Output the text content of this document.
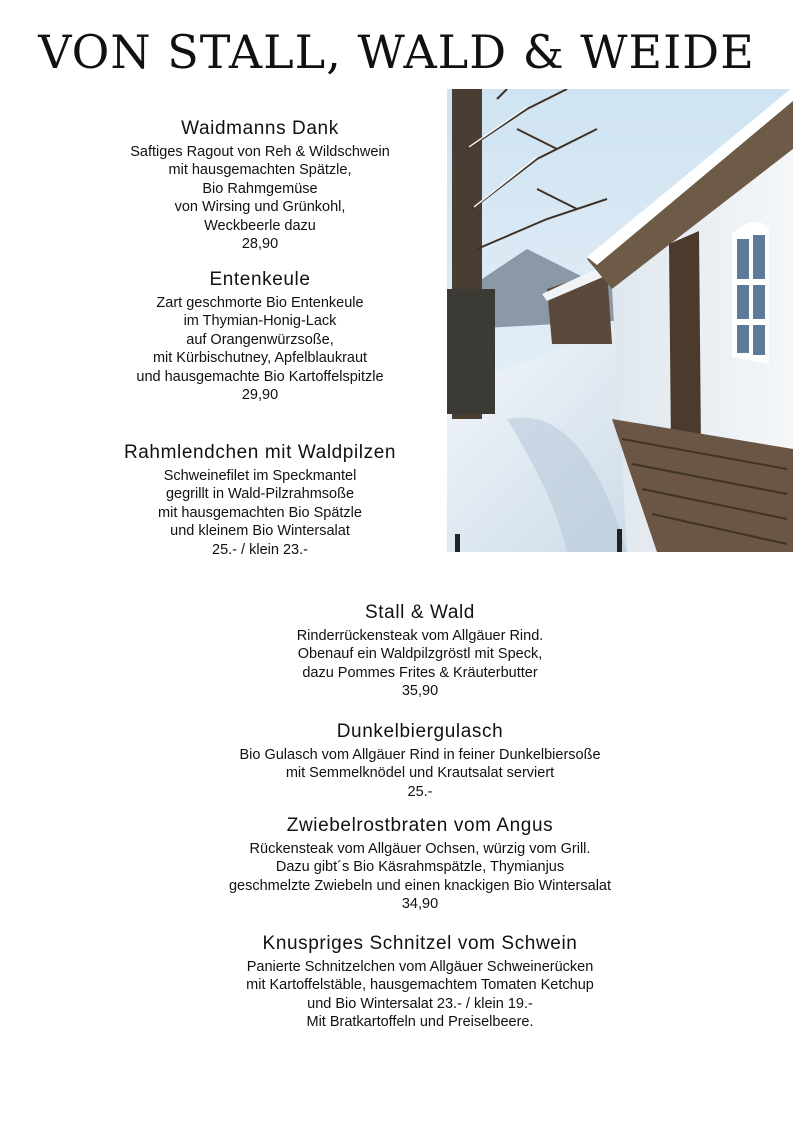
VON STALL, WALD & WEIDE
Waidmanns Dank
Saftiges Ragout von Reh & Wildschwein
mit hausgemachten Spätzle,
Bio Rahmgemüse
von Wirsing und Grünkohl,
Weckbeerle dazu
28,90
Entenkeule
Zart geschmorte Bio Entenkeule
im Thymian-Honig-Lack
auf Orangenwürzsoße,
mit Kürbischutney, Apfelblaukraut
und hausgemachte Bio Kartoffelspitzle
29,90
Rahmlendchen mit Waldpilzen
Schweinefilet im Speckmantel
gegrillt in Wald-Pilzrahmsoße
mit hausgemachten Bio Spätzle
und kleinem Bio Wintersalat
25.- / klein 23.-
Stall & Wald
Rinderrückensteak vom Allgäuer Rind.
Obenauf ein Waldpilzgröstl mit Speck,
dazu Pommes Frites & Kräuterbutter
35,90
Dunkelbiergulasch
Bio Gulasch vom Allgäuer Rind in feiner Dunkelbiersoße
mit Semmelknödel und Krautsalat serviert
25.-
Zwiebelrostbraten vom Angus
Rückensteak vom Allgäuer Ochsen, würzig vom Grill.
Dazu gibt´s Bio Käsrahmspätzle, Thymianjus
geschmelzte Zwiebeln und einen knackigen Bio Wintersalat
34,90
Knuspriges Schnitzel vom Schwein
Panierte Schnitzelchen vom Allgäuer Schweinerücken
mit Kartoffelstäble, hausgemachtem Tomaten Ketchup
und Bio Wintersalat 23.- / klein 19.-
Mit Bratkartoffeln und Preiselbeere.
